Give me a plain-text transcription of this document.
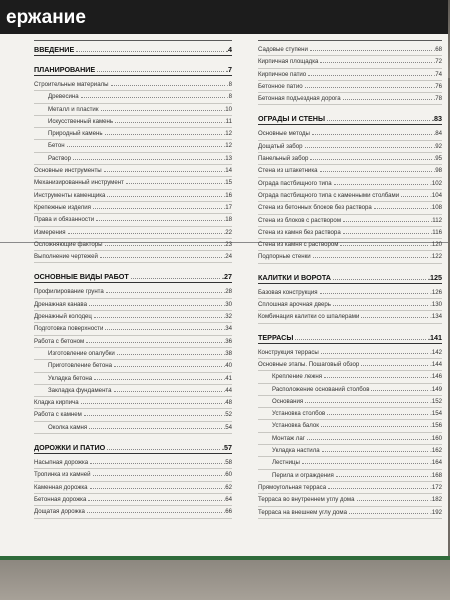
ержание
ВВЕДЕНИЕ	.4
ПЛАНИРОВАНИЕ	.7
Строительные материалы	.8
Древесина	.8
Металл и пластик	.10
Искусственный камень	.11
Природный камень	.12
Бетон	.12
Раствор	.13
Основные инструменты	.14
Механизированный инструмент	.15
Инструменты каменщика	.16
Крепежные изделия	.17
Права и обязанности	.18
Измерения	.22
Осложняющие факторы	.23
Выполнение чертежей	.24
ОСНОВНЫЕ ВИДЫ РАБОТ	.27
Профилирование грунта	.28
Дренажная канава	.30
Дренажный колодец	.32
Подготовка поверхности	.34
Работа с бетоном	.36
Изготовление опалубки	.38
Приготовление бетона	.40
Укладка бетона	.41
Закладка фундамента	.44
Кладка кирпича	.48
Работа с камнем	.52
Околка камня	.54
ДОРОЖКИ И ПАТИО	.57
Насыпная дорожка	.58
Тропинка из камней	.60
Каменная дорожка	.62
Бетонная дорожка	.64
Дощатая дорожка	.66
Садовые ступени	.68
Кирпичная площадка	.72
Кирпичное патио	.74
Бетонное патио	.76
Бетонная подъездная дорога	.78
ОГРАДЫ И СТЕНЫ	.83
Основные методы	.84
Дощатый забор	.92
Панельный забор	.95
Стена из штакетника	.98
Ограда пастбищного типа	.102
Ограда пастбищного типа с каменными столбами	.104
Стена из бетонных блоков без раствора	.108
Стена из блоков с раствором	.112
Стена из камня без раствора	.116
Стена из камня с раствором	.120
Подпорные стенки	.122
КАЛИТКИ И ВОРОТА	.125
Базовая конструкция	.126
Сплошная арочная дверь	.130
Комбинация калитки со шпалерами	.134
ТЕРРАСЫ	.141
Конструкция террасы	.142
Основные этапы. Пошаговый обзор	.144
Крепление лежня	.146
Расположение оснований столбов	.149
Основания	.152
Установка столбов	.154
Установка балок	.156
Монтаж лаг	.160
Укладка настила	.162
Лестницы	.164
Перила и ограждения	.168
Прямоугольная терраса	.172
Терраса во внутреннем углу дома	.182
Терраса на внешнем углу дома	.192
